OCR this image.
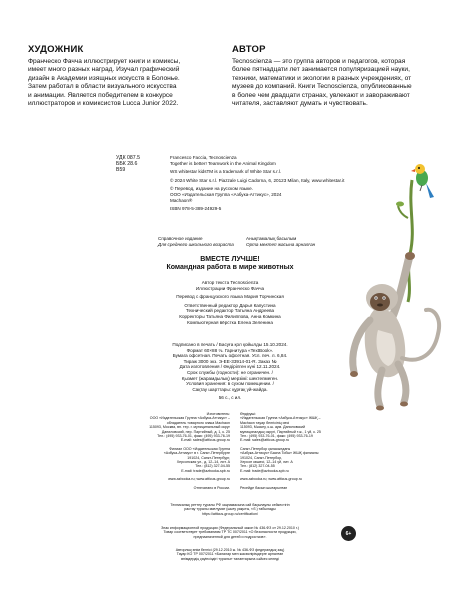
ХУДОЖНИК
Франческо Фачча иллюстрирует книги и комиксы,
имеет много разных наград. Изучал графический
дизайн в Академии изящных искусств в Болонье.
Затем работал в области визуального искусства
и анимации. Является победителем в конкурсе
иллюстраторов и комиксистов Lucca Junior 2022.
АВТОР
Tecnoscienza — это группа авторов и педагогов, которая
более пятнадцати лет занимается популяризацией науки,
техники, математики и экологии в разных учреждениях, от
музеев до компаний. Книги Tecnoscienza, опубликованные
в более чем двадцати странах, увлекают и завораживают
читателя, заставляют думать и чувствовать.
УДК 087.5
ББК 28.6
В59
Francesco Faccia, Tecnoscienza
Together is better! Teamwork in the Animal Kingdom
WS whitestar kidsTM is a trademark of White Star s.r.l.
© 2024 White Star s.r.l. Piazzale Luigi Cadorna, 6, 20123 Milan, Italy, www.whitestar.it
© Перевод, издание на русском языке.
ООО «Издательская Группа «Азбука-Аттикус», 2024
Machaon®
ISBN 978-5-389-24929-5
Справочное издание
Для среднего школьного возраста
Анықтамалық басылым
Орта мектеп жасына арналған
ВМЕСТЕ ЛУЧШЕ!
Командная работа в мире животных
Автор текста Tecnoscienza
Иллюстрации Франческо Фачча
Перевод с французского языка Мария Торчинская
Ответственный редактор Дарья Капустина
Технический редактор Татьяна Андреева
Корректоры Татьяна Филиппова, Анна Комкина
Компьютерная вёрстка Елена Зеленина
Подписано в печать / Басуға қол қойылды 15.10.2024.
Формат 60×88 ⅛. Гарнитура «TextBook».
Бумага офсетная. Печать офсетная. Усл. печ. л. 6,84.
Тираж 3000 экз. Э-ЕЕ-33914-01-R. Заказ №
Дата изготовления / Өндірілген күні 12.11.2024.
Срок службы (годности): не ограничен. /
Қызмет (жарамдылық) мерзімі: шектелмеген.
Условия хранения: в сухом помещении. /
Сақтау шарттары: құрғақ үй-жайда.
56 с., с ил.
Изготовитель:
ООО «Издательская Группа «Азбука-Аттикус» –
обладатель товарного знака Machaon
115093, Москва, вн. тер. г. муниципальный округ
Даниловский, пер. Партийный, д. 1, к. 25
Тел.: (495) 933-76-01, факс: (495) 933-76-19
E-mail: sales@atticus-group.ru
Филиал ООО «Издательская Группа
«Азбука-Аттикус» в г. Санкт-Петербурге
191024, Санкт-Петербург,
Херсонская ул., д. 12–14, лит. А
Тел.: (812) 327-04-55
E-mail: trade@azbooka-spb.ru
www.azbooka.ru; www.atticus-group.ru
Отпечатано в России.
Өндіруші:
«Издательская Группа «Азбука-Аттикус» ЖШҚ –
Machaon тауар белгісінің иесі
115093, Мәскеу, к.ш. аум. Даниловский
муниципалдық округі, Партийный т.ж., 1 үй, к. 25
Тел.: (495) 933-76-01, факс: (495) 933-76-19
E-mail: sales@atticus-group.ru
Санкт-Петербор қаласындағы
«Азбука-Аттикус» Баспа Тобы» ЖШҚ филиалы
191024, Санкт-Петербор,
Херсон көшесі, 12–14 үй, лит. А
Тел.: (812) 327-04-55
E-mail: trade@azbooka-spb.ru
www.azbooka.ru; www.atticus-group.ru
Ресейде басып шығарылған
Техникалық реттеу туралы РФ заңнамасына сай бақылаулы сейкестігін
растау туралы мағлұмат (шығу уақыты, т.б.) табылады
https://atticus-group.ru/certification/
Знак информационной продукции (Федеральный закон № 436-ФЗ от 29.12.2010 г.)
Товар соответствует требованиям ТР ТС 007/2011 «О безопасности продукции,
предназначенной для детей и подростков».
6+
Авторлық өнім белгісі (29.12.2010 ж. № 436-ФЗ федералдық заң)
Тауар КО ТР 007/2011 «Балалар мен жасөспірімдерге арналған
өнімдердің қауіпсіздігі туралы» талаптарына сәйкес келеді
